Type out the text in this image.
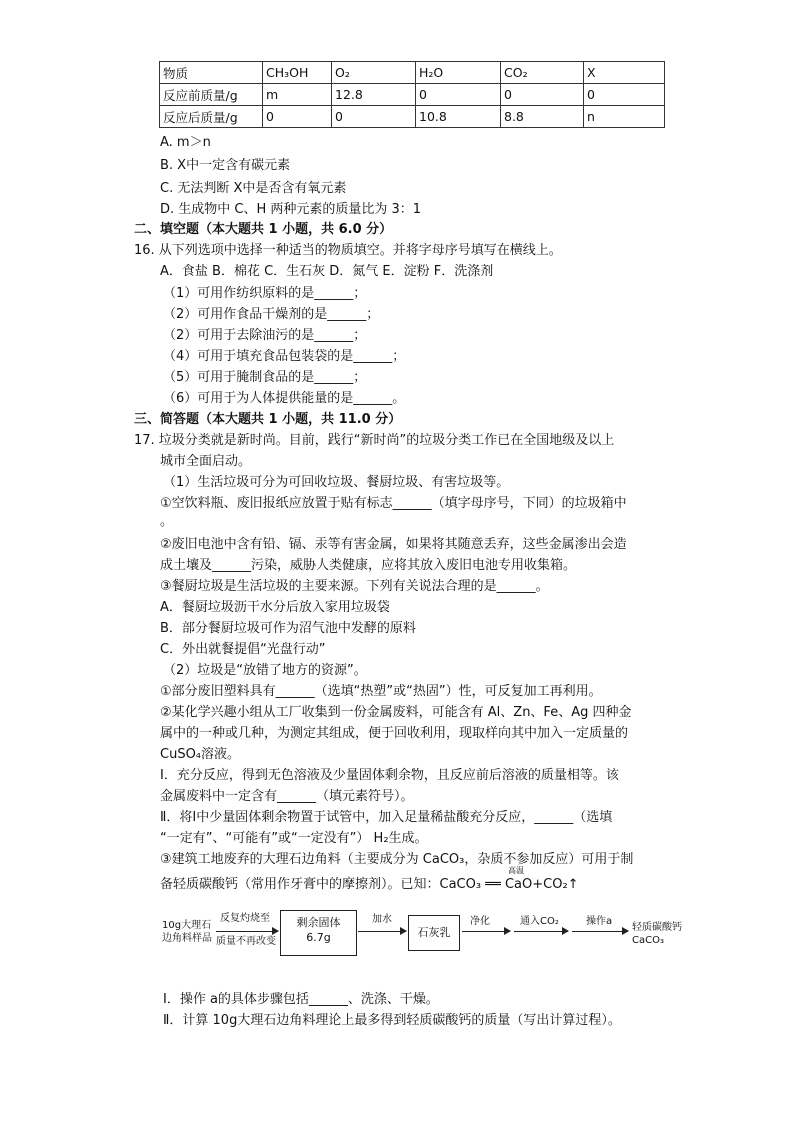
物质	CH₃OH	O₂	H₂O	CO₂	X
反应前质量/g	m	12.8	0	0	0
反应后质量/g	0	0	10.8	8.8	n
A. m＞n
B. X中一定含有碳元素
C. 无法判断 X中是否含有氧元素
D. 生成物中 C、H 两种元素的质量比为 3：1
二、填空题（本大题共 1 小题，共 6.0 分）
16. 从下列选项中选择一种适当的物质填空。并将字母序号填写在横线上。
A．食盐 B．棉花 C．生石灰 D．氮气 E．淀粉 F．洗涤剂
（1）可用作纺织原料的是______；
（2）可用作食品干燥剂的是______；
（2）可用于去除油污的是______；
（4）可用于填充食品包装袋的是______；
（5）可用于腌制食品的是______；
（6）可用于为人体提供能量的是______。
三、简答题（本大题共 1 小题，共 11.0 分）
17. 垃圾分类就是新时尚。目前，践行“新时尚”的垃圾分类工作已在全国地级及以上
城市全面启动。
（1）生活垃圾可分为可回收垃圾、餐厨垃圾、有害垃圾等。
①空饮料瓶、废旧报纸应放置于贴有标志______（填字母序号，下同）的垃圾箱中
。
②废旧电池中含有铅、镉、汞等有害金属，如果将其随意丢弃，这些金属渗出会造
成土壤及______污染，威胁人类健康，应将其放入废旧电池专用收集箱。
③餐厨垃圾是生活垃圾的主要来源。下列有关说法合理的是______。
A．餐厨垃圾沥干水分后放入家用垃圾袋
B．部分餐厨垃圾可作为沼气池中发酵的原料
C．外出就餐提倡“光盘行动”
（2）垃圾是“放错了地方的资源”。
①部分废旧塑料具有______（选填“热塑”或“热固”）性，可反复加工再利用。
②某化学兴趣小组从工厂收集到一份金属废料，可能含有 Al、Zn、Fe、Ag 四种金
属中的一种或几种，为测定其组成，便于回收利用，现取样向其中加入一定质量的
CuSO₄溶液。
Ⅰ．充分反应，得到无色溶液及少量固体剩余物，且反应前后溶液的质量相等。该
金属废料中一定含有______（填元素符号）。
Ⅱ．将Ⅰ中少量固体剩余物置于试管中，加入足量稀盐酸充分反应，______（选填
“一定有”、“可能有”或“一定没有”） H₂生成。
③建筑工地废弃的大理石边角料（主要成分为 CaCO₃，杂质不参加反应）可用于制
备轻质碳酸钙（常用作牙膏中的摩擦剂）。已知：CaCO₃ ══ CaO+CO₂↑
高温
10g大理石
边角料样品
反复灼烧至
质量不再改变
剩余固体
6.7g
加水
石灰乳
净化	通入CO₂	操作a
轻质碳酸钙
CaCO₃
Ⅰ．操作 a的具体步骤包括______、洗涤、干燥。
Ⅱ．计算 10g大理石边角料理论上最多得到轻质碳酸钙的质量（写出计算过程）。
